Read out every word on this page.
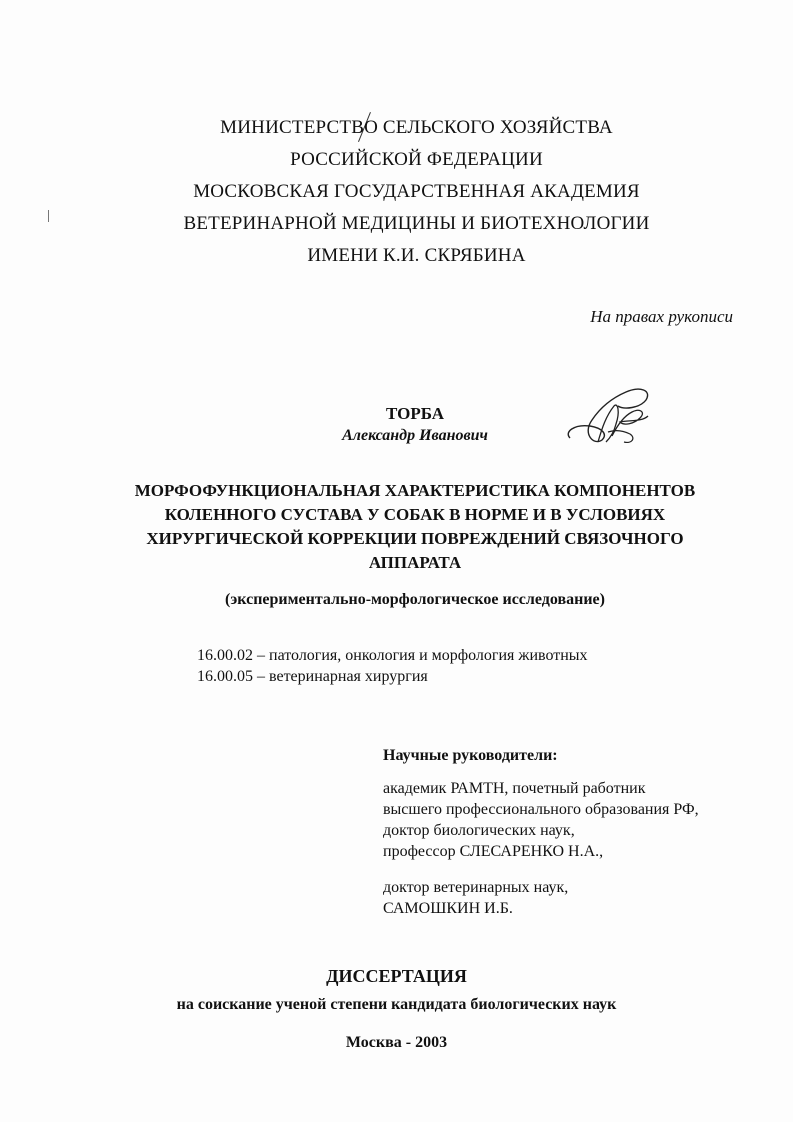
МИНИСТЕРСТВО СЕЛЬСКОГО ХОЗЯЙСТВА
РОССИЙСКОЙ ФЕДЕРАЦИИ
МОСКОВСКАЯ ГОСУДАРСТВЕННАЯ АКАДЕМИЯ
ВЕТЕРИНАРНОЙ МЕДИЦИНЫ И БИОТЕХНОЛОГИИ
ИМЕНИ К.И. СКРЯБИНА
На правах рукописи
ТОРБА
Александр Иванович
МОРФОФУНКЦИОНАЛЬНАЯ ХАРАКТЕРИСТИКА КОМПОНЕНТОВ
КОЛЕННОГО СУСТАВА У СОБАК В НОРМЕ И В УСЛОВИЯХ
ХИРУРГИЧЕСКОЙ КОРРЕКЦИИ ПОВРЕЖДЕНИЙ СВЯЗОЧНОГО
АППАРАТА
(экспериментально-морфологическое исследование)
16.00.02 – патология, онкология и морфология животных
16.00.05 – ветеринарная хирургия
Научные руководители:
академик РАМТН, почетный работник
высшего профессионального образования РФ,
доктор биологических наук,
профессор СЛЕСАРЕНКО Н.А.,
доктор ветеринарных наук,
САМОШКИН И.Б.
ДИССЕРТАЦИЯ
на соискание ученой степени кандидата биологических наук
Москва - 2003
